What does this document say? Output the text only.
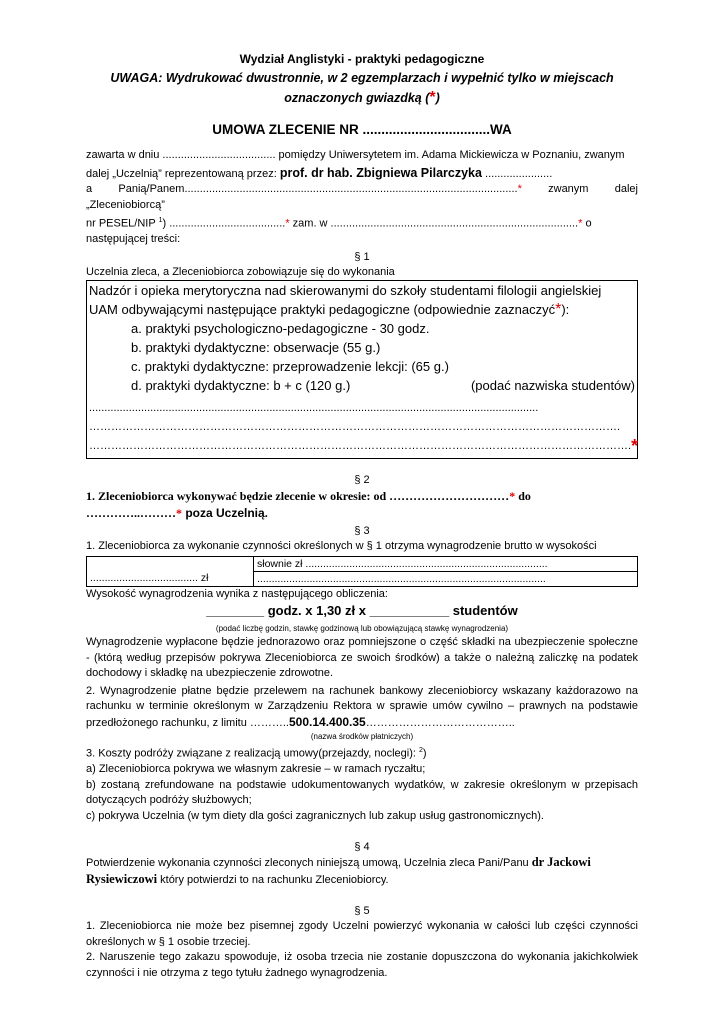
Wydział Anglistyki - praktyki pedagogiczne
UWAGA: Wydrukować dwustronnie, w 2 egzemplarzach i wypełnić tylko w miejscach oznaczonych gwiazdką (*)
UMOWA ZLECENIE NR ..................................WA
zawarta w dniu ..................................... pomiędzy Uniwersytetem im. Adama Mickiewicza w Poznaniu, zwanym
dalej „Uczelnią” reprezentowaną przez: prof. dr hab. Zbigniewa Pilarczyka ......................
a Panią/Panem.............................................................................................................* zwanym dalej „Zleceniobiorcą”
nr PESEL/NIP $^1$) ......................................* zam. w .................................................................................* o
następującej treści:
§ 1
Uczelnia zleca, a Zleceniobiorca zobowiązuje się do wykonania
Nadzór i opieka merytoryczna nad skierowanymi do szkoły studentami filologii angielskiej
UAM odbywającymi następujące praktyki pedagogiczne (odpowiednie zaznaczyć*):
a. praktyki psychologiczno-pedagogiczne - 30 godz.
b. praktyki dydaktyczne: obserwacje (55 g.)
c. praktyki dydaktyczne: przeprowadzenie lekcji: (65 g.)
d. praktyki dydaktyczne: b + c (120 g.)	(podać nazwiska studentów)
...................................................................................................................................................
……………………………………………………………………………………………………………………………….
…………………………………………………………………………………………………………………………………. *
§ 2
1. Zleceniobiorca wykonywać będzie zlecenie w okresie: od …………………………* do
…………..………* poza Uczelnią.
§ 3
1. Zleceniobiorca za wykonanie czynności określonych w § 1 otrzyma wynagrodzenie brutto w wysokości

	słownie zł ...................................................................................

..................................... zł	...................................................................................................
Wysokość wynagrodzenia wynika z następującego obliczenia:
________ godz. x 1,30 zł x ___________ studentów
(podać liczbę godzin, stawkę godzinową lub obowiązującą stawkę wynagrodzenia)
Wynagrodzenie wypłacone będzie jednorazowo oraz pomniejszone o część składki na ubezpieczenie społeczne - (którą według przepisów pokrywa Zleceniobiorca ze swoich środków) a także o należną zaliczkę na podatek dochodowy i składkę na ubezpieczenie zdrowotne.
2. Wynagrodzenie płatne będzie przelewem na rachunek bankowy zleceniobiorcy wskazany każdorazowo na rachunku w terminie określonym w Zarządzeniu Rektora w sprawie umów cywilno – prawnych na podstawie przedłożonego rachunku, z limitu ………..500.14.400.35…………………………………..
(nazwa środków płatniczych)
3. Koszty podróży związane z realizacją umowy(przejazdy, noclegi): $^2$)
a) Zleceniobiorca pokrywa we własnym zakresie – w ramach ryczałtu;
b) zostaną zrefundowane na podstawie udokumentowanych wydatków, w zakresie określonym w przepisach dotyczących podróży służbowych;
c) pokrywa Uczelnia (w tym diety dla gości zagranicznych lub zakup usług gastronomicznych).
§ 4
Potwierdzenie wykonania czynności zleconych niniejszą umową, Uczelnia zleca Pani/Panu dr Jackowi
Rysiewiczowi który potwierdzi to na rachunku Zleceniobiorcy.
§ 5
1. Zleceniobiorca nie może bez pisemnej zgody Uczelni powierzyć wykonania w całości lub części czynności określonych w § 1 osobie trzeciej.
2. Naruszenie tego zakazu spowoduje, iż osoba trzecia nie zostanie dopuszczona do wykonania jakichkolwiek czynności i nie otrzyma z tego tytułu żadnego wynagrodzenia.
